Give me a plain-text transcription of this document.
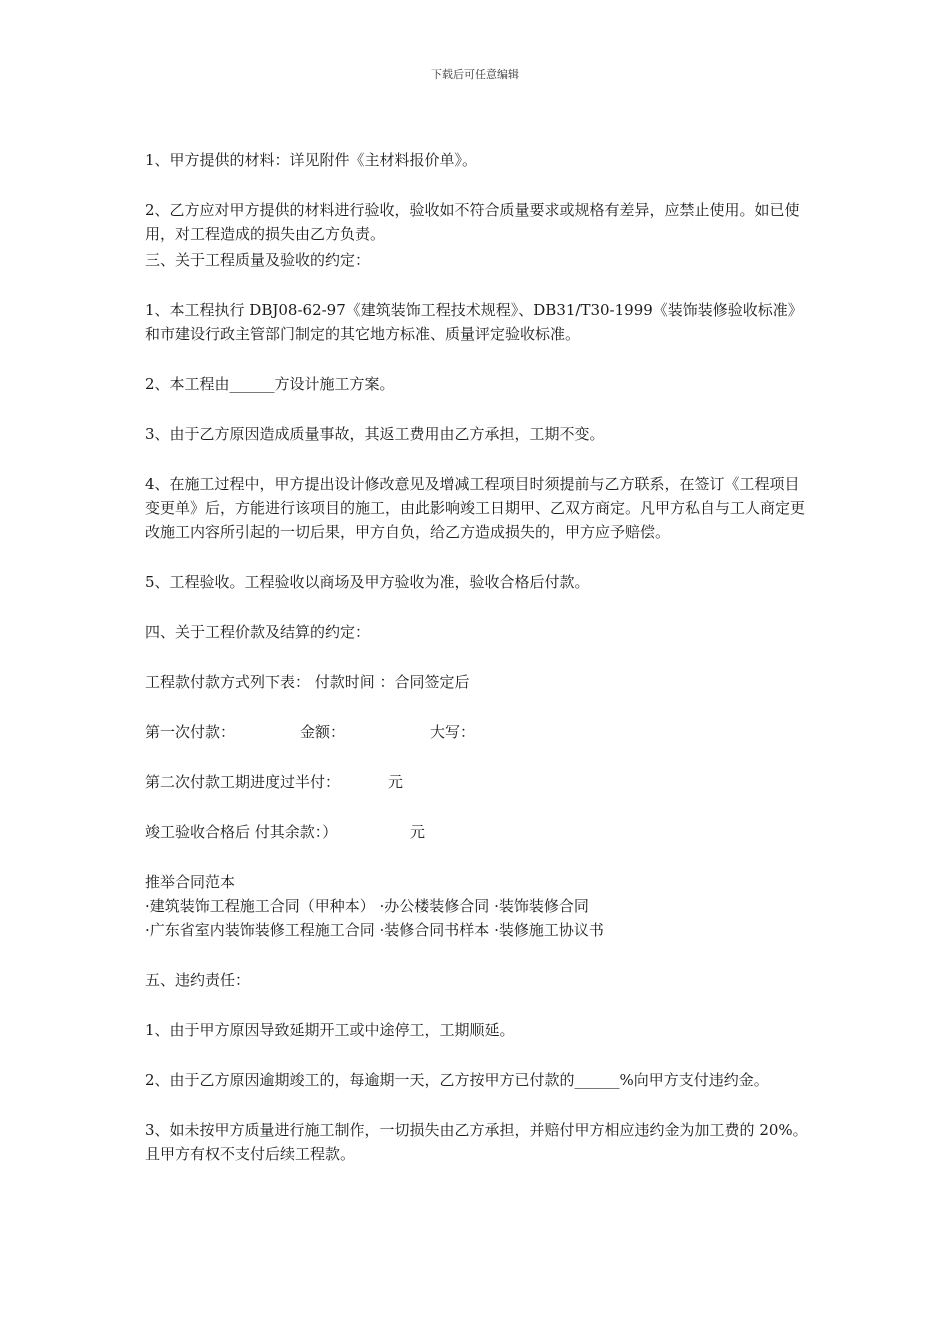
下载后可任意编辑

1、甲方提供的材料：详见附件《主材料报价单》。

2、乙方应对甲方提供的材料进行验收，验收如不符合质量要求或规格有差异，应禁止使用。如已使用，对工程造成的损失由乙方负责。

三、关于工程质量及验收的约定：

1、本工程执行 DBJ08-62-97《建筑装饰工程技术规程》、DB31/T30-1999《装饰装修验收标准》和市建设行政主管部门制定的其它地方标准、质量评定验收标准。

2、本工程由______方设计施工方案。

3、由于乙方原因造成质量事故，其返工费用由乙方承担，工期不变。

4、在施工过程中，甲方提出设计修改意见及增减工程项目时须提前与乙方联系，在签订《工程项目变更单》后，方能进行该项目的施工，由此影响竣工日期甲、乙双方商定。凡甲方私自与工人商定更改施工内容所引起的一切后果，甲方自负，给乙方造成损失的，甲方应予赔偿。

5、工程验收。工程验收以商场及甲方验收为准，验收合格后付款。

四、关于工程价款及结算的约定：

工程款付款方式列下表： 付款时间 ：合同签定后

第一次付款：	金额：	大写：

第二次付款工期进度过半付：	元

竣工验收合格后 付其余款：）	元

推举合同范本

·建筑装饰工程施工合同（甲种本） ·办公楼装修合同 ·装饰装修合同

·广东省室内装饰装修工程施工合同 ·装修合同书样本 ·装修施工协议书

五、违约责任：

1、由于甲方原因导致延期开工或中途停工，工期顺延。

2、由于乙方原因逾期竣工的，每逾期一天，乙方按甲方已付款的______%向甲方支付违约金。

3、如未按甲方质量进行施工制作，一切损失由乙方承担，并赔付甲方相应违约金为加工费的 20%。且甲方有权不支付后续工程款。
